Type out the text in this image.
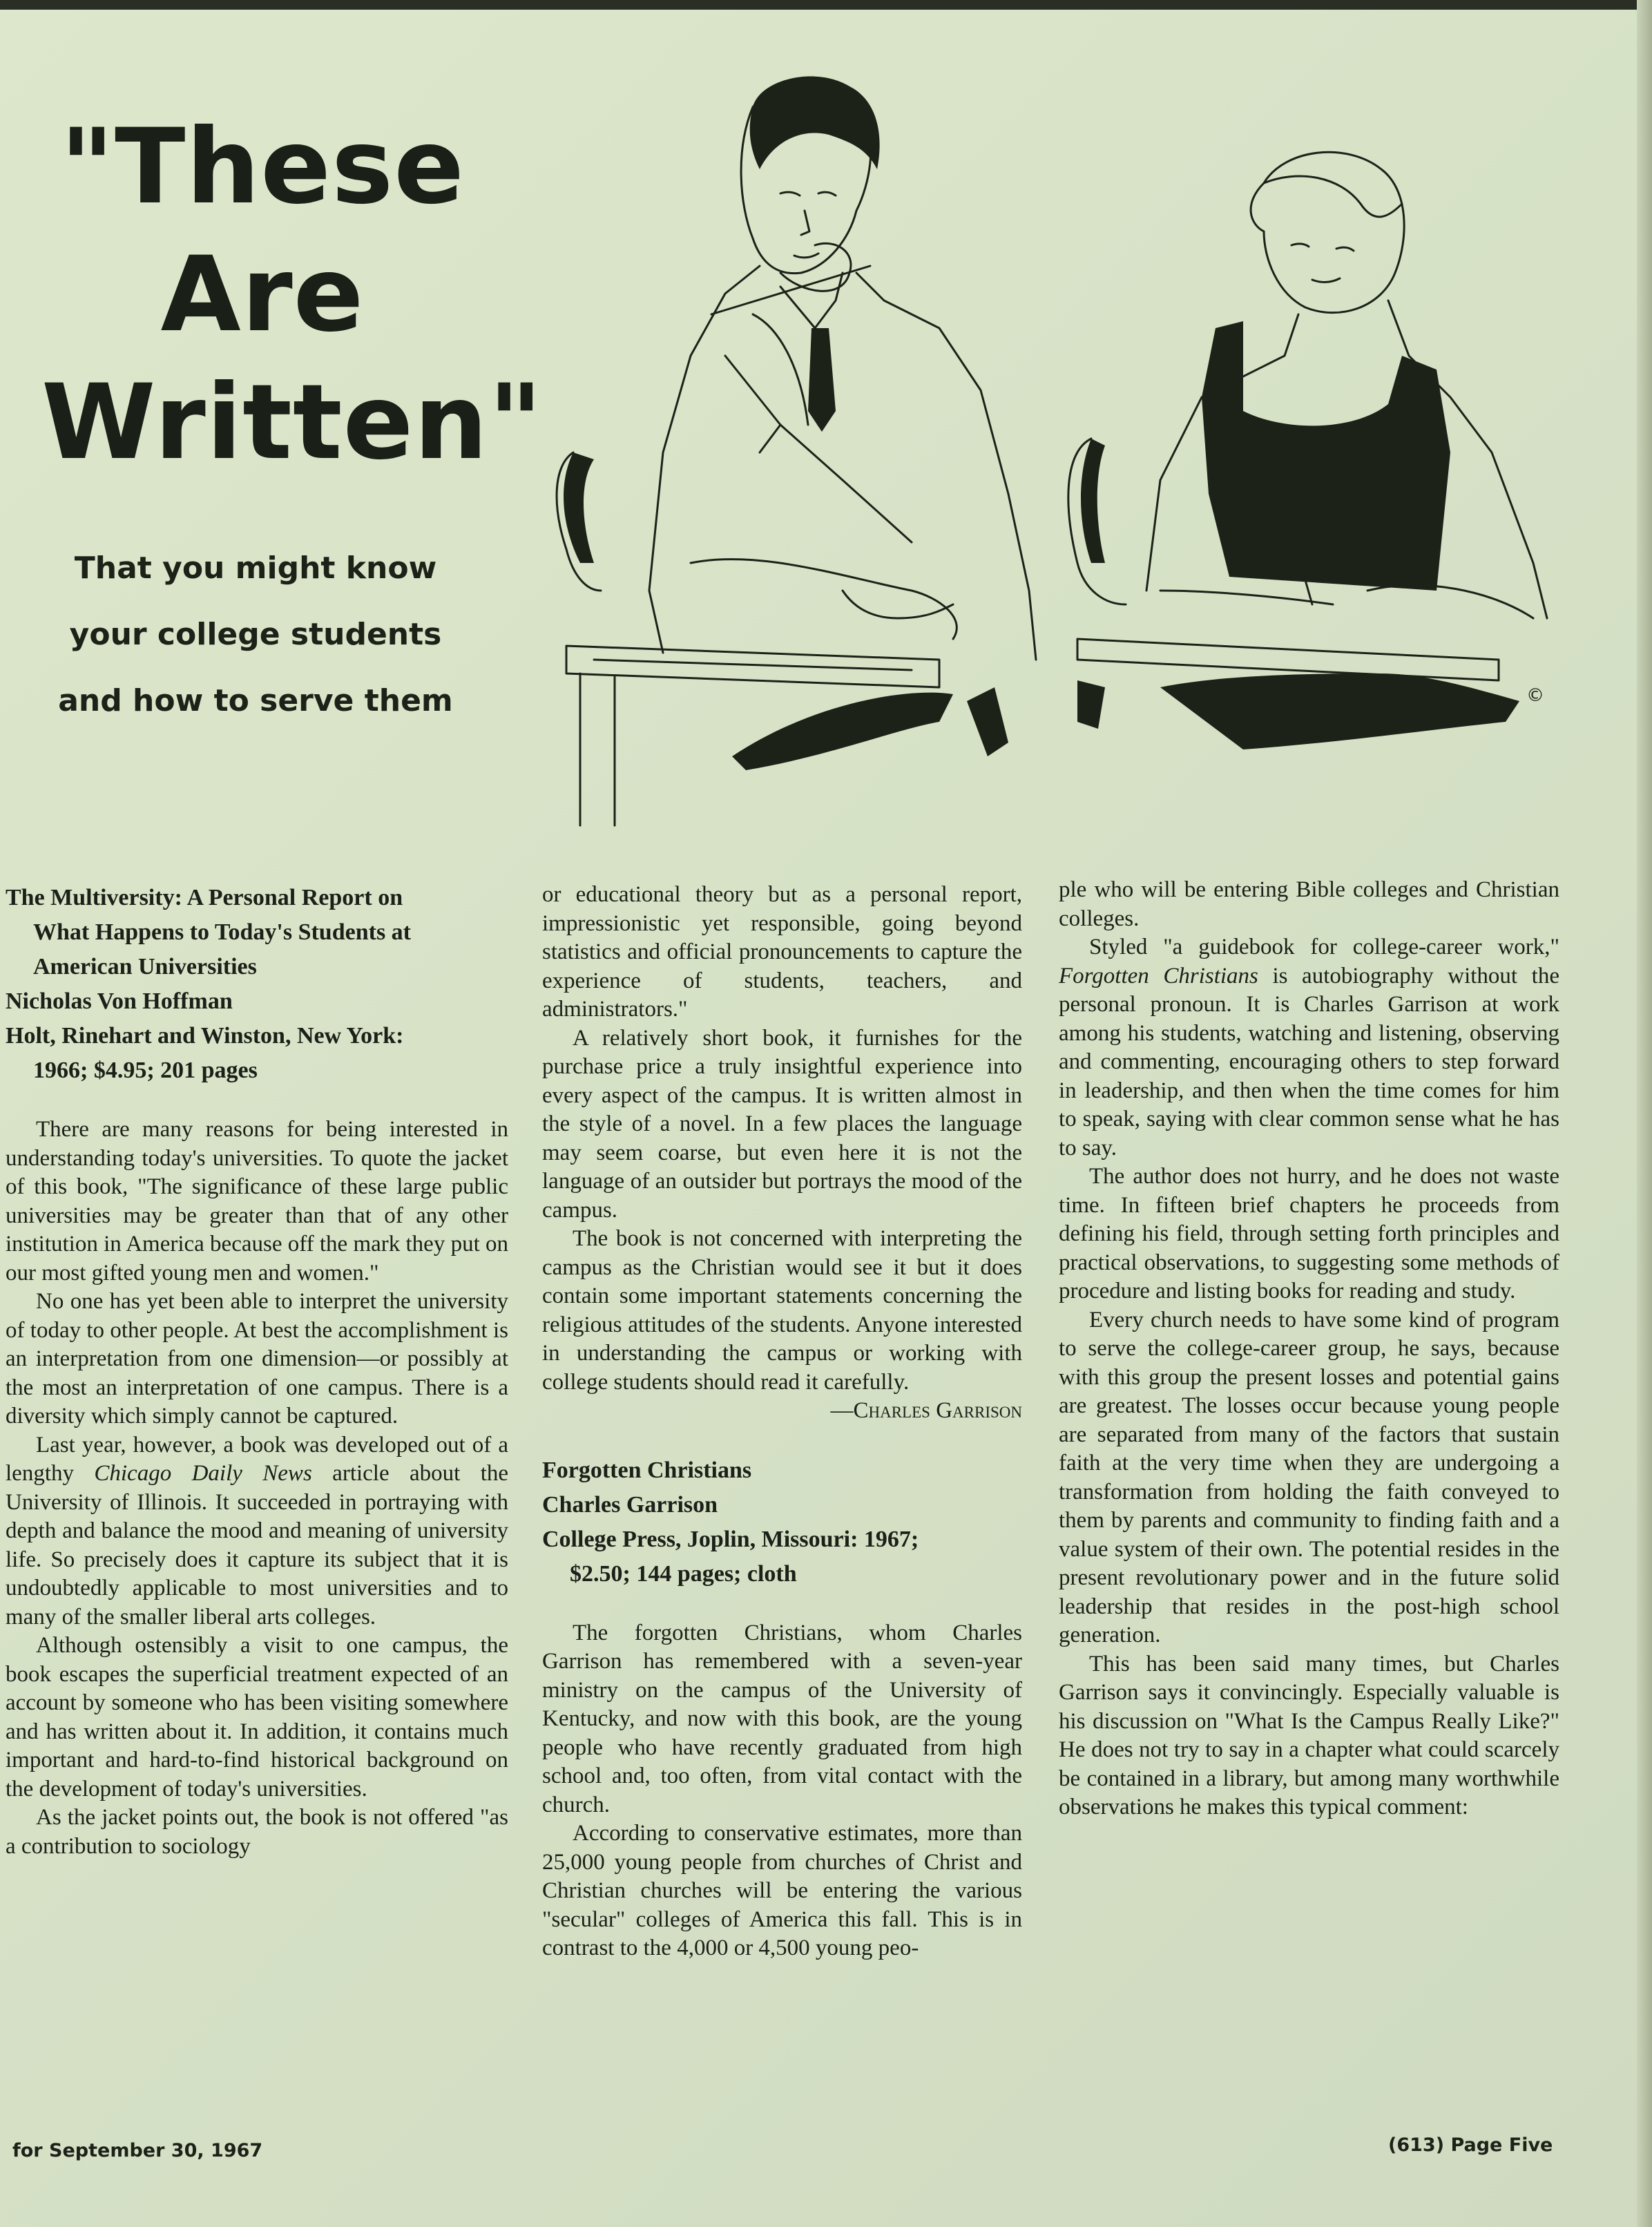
"These
Are
Written"
That you might know
your college students
and how to serve them	©
The Multiversity: A Personal Report on
What Happens to Today's Students at
American Universities
Nicholas Von Hoffman
Holt, Rinehart and Winston, New York:
1966; $4.95; 201 pages

There are many reasons for being interested in understanding today's universities. To quote the jacket of this book, "The significance of these large public universities may be greater than that of any other institution in America because off the mark they put on our most gifted young men and women."

No one has yet been able to interpret the university of today to other people. At best the accomplishment is an interpretation from one dimension—or possibly at the most an interpretation of one campus. There is a diversity which simply cannot be captured.

Last year, however, a book was developed out of a lengthy Chicago Daily News article about the University of Illinois. It succeeded in portraying with depth and balance the mood and meaning of university life. So precisely does it capture its subject that it is undoubtedly applicable to most universities and to many of the smaller liberal arts colleges.

Although ostensibly a visit to one campus, the book escapes the superficial treatment expected of an account by someone who has been visiting somewhere and has written about it. In addition, it contains much important and hard-to-find historical background on the development of today's universities.

As the jacket points out, the book is not offered "as a contribution to sociology

or educational theory but as a personal report, impressionistic yet responsible, going beyond statistics and official pronouncements to capture the experience of students, teachers, and administrators."

A relatively short book, it furnishes for the purchase price a truly insightful experience into every aspect of the campus. It is written almost in the style of a novel. In a few places the language may seem coarse, but even here it is not the language of an outsider but portrays the mood of the campus.

The book is not concerned with interpreting the campus as the Christian would see it but it does contain some important statements concerning the religious attitudes of the students. Anyone interested in understanding the campus or working with college students should read it carefully.

—Charles Garrison

Forgotten Christians
Charles Garrison
College Press, Joplin, Missouri: 1967;
$2.50; 144 pages; cloth

The forgotten Christians, whom Charles Garrison has remembered with a seven-year ministry on the campus of the University of Kentucky, and now with this book, are the young people who have recently graduated from high school and, too often, from vital contact with the church.

According to conservative estimates, more than 25,000 young people from churches of Christ and Christian churches will be entering the various "secular" colleges of America this fall. This is in contrast to the 4,000 or 4,500 young peo-

ple who will be entering Bible colleges and Christian colleges.

Styled "a guidebook for college-career work," Forgotten Christians is autobiography without the personal pronoun. It is Charles Garrison at work among his students, watching and listening, observing and commenting, encouraging others to step forward in leadership, and then when the time comes for him to speak, saying with clear common sense what he has to say.

The author does not hurry, and he does not waste time. In fifteen brief chapters he proceeds from defining his field, through setting forth principles and practical observations, to suggesting some methods of procedure and listing books for reading and study.

Every church needs to have some kind of program to serve the college-career group, he says, because with this group the present losses and potential gains are greatest. The losses occur because young people are separated from many of the factors that sustain faith at the very time when they are undergoing a transformation from holding the faith conveyed to them by parents and community to finding faith and a value system of their own. The potential resides in the present revolutionary power and in the future solid leadership that resides in the post-high school generation.

This has been said many times, but Charles Garrison says it convincingly. Especially valuable is his discussion on "What Is the Campus Really Like?" He does not try to say in a chapter what could scarcely be contained in a library, but among many worthwhile observations he makes this typical comment:

for September 30, 1967	(613) Page Five
